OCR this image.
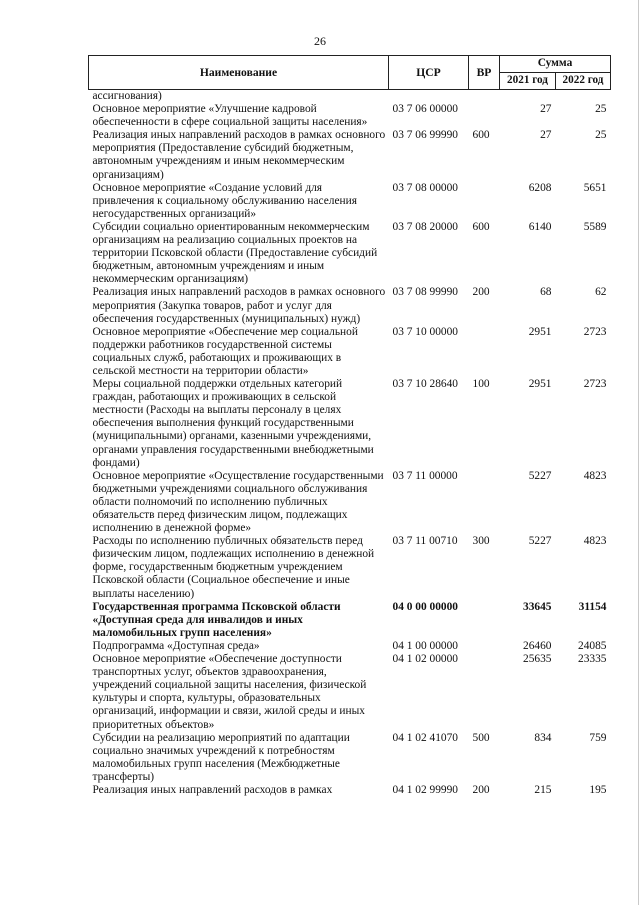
26
Наименование	ЦСР	ВР	Сумма	
			2021 год	2022 год
ассигнования)				
Основное мероприятие «Улучшение кадровой обеспеченности в сфере социальной защиты населения»	03 7 06 00000		27	25
Реализация иных направлений расходов в рамках основного мероприятия (Предоставление субсидий бюджетным, автономным учреждениям и иным некоммерческим организациям)	03 7 06 99990	600	27	25
Основное мероприятие «Создание условий для привлечения к социальному обслуживанию населения негосударственных организаций»	03 7 08 00000		6208	5651
Субсидии социально ориентированным некоммерческим организациям на реализацию социальных проектов на территории Псковской области (Предоставление субсидий бюджетным, автономным учреждениям и иным некоммерческим организациям)	03 7 08 20000	600	6140	5589
Реализация иных направлений расходов в рамках основного мероприятия (Закупка товаров, работ и услуг для обеспечения государственных (муниципальных) нужд)	03 7 08 99990	200	68	62
Основное мероприятие «Обеспечение мер социальной поддержки работников государственной системы социальных служб, работающих и проживающих в сельской местности на территории области»	03 7 10 00000		2951	2723
Меры социальной поддержки отдельных категорий граждан, работающих и проживающих в сельской местности (Расходы на выплаты персоналу в целях обеспечения выполнения функций государственными (муниципальными) органами, казенными учреждениями, органами управления государственными внебюджетными фондами)	03 7 10 28640	100	2951	2723
Основное мероприятие «Осуществление государственными бюджетными учреждениями социального обслуживания области полномочий по исполнению публичных обязательств перед физическим лицом, подлежащих исполнению в денежной форме»	03 7 11 00000		5227	4823
Расходы по исполнению публичных обязательств перед физическим лицом, подлежащих исполнению в денежной форме, государственным бюджетным учреждением Псковской области (Социальное обеспечение и иные выплаты населению)	03 7 11 00710	300	5227	4823
Государственная программа Псковской области «Доступная среда для инвалидов и иных маломобильных групп населения»	04 0 00 00000		33645	31154
Подпрограмма «Доступная среда»	04 1 00 00000		26460	24085
Основное мероприятие «Обеспечение доступности транспортных услуг, объектов здравоохранения, учреждений социальной защиты населения, физической культуры и спорта, культуры, образовательных организаций, информации и связи, жилой среды и иных приоритетных объектов»	04 1 02 00000		25635	23335
Субсидии на реализацию мероприятий по адаптации социально значимых учреждений к потребностям маломобильных групп населения (Межбюджетные трансферты)	04 1 02 41070	500	834	759
Реализация иных направлений расходов в рамках	04 1 02 99990	200	215	195
